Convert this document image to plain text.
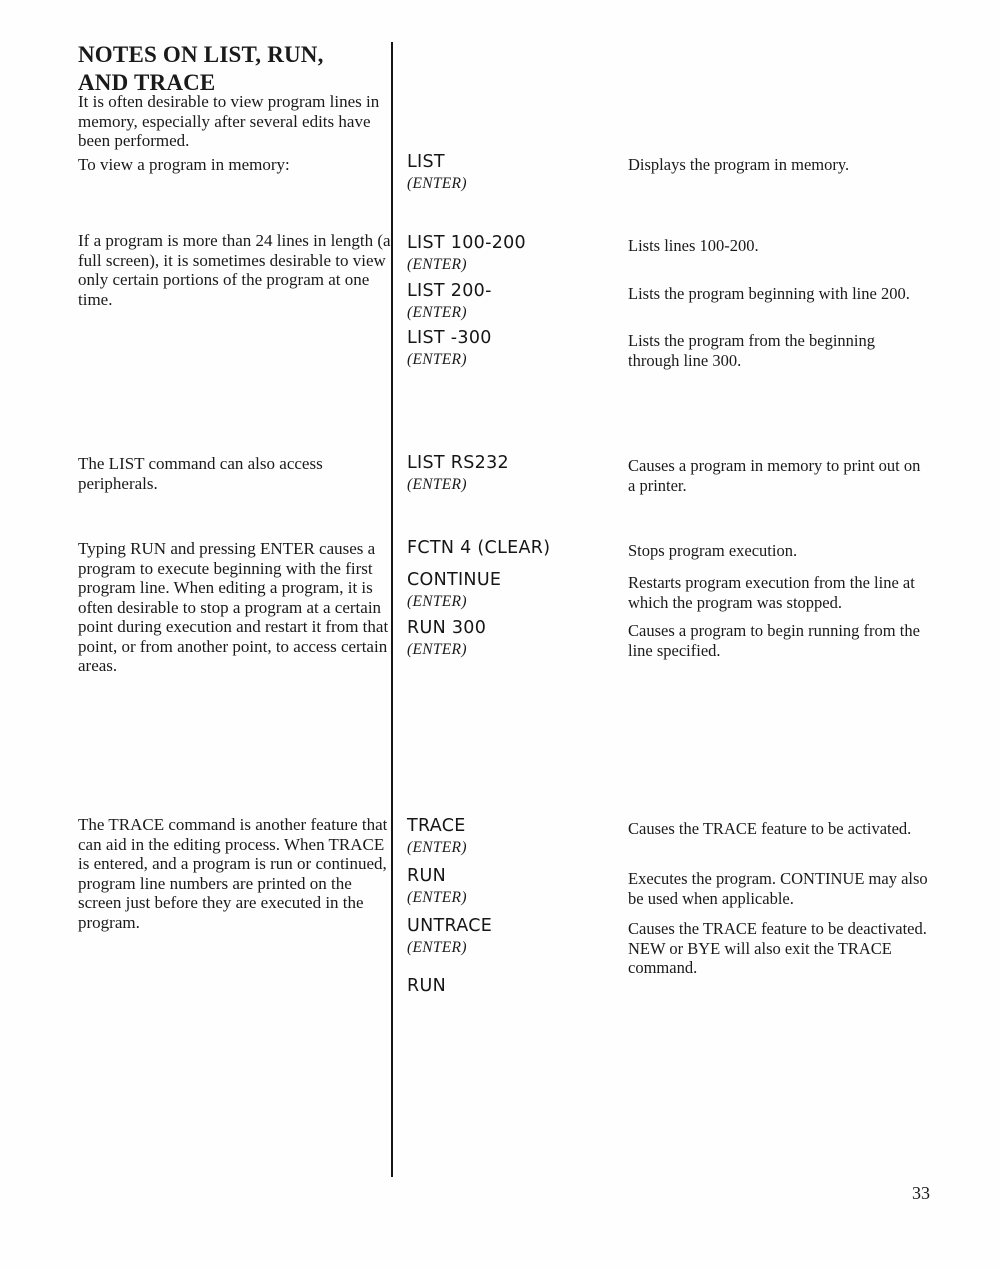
NOTES ON LIST, RUN,
AND TRACE
It is often desirable to view program lines in memory, especially after several edits have been performed.
To view a program in memory:
If a program is more than 24 lines in length (a full screen), it is sometimes desirable to view only certain portions of the program at one time.
The LIST command can also access peripherals.
Typing RUN and pressing ENTER causes a program to execute beginning with the first program line. When editing a program, it is often desirable to stop a program at a certain point during execution and restart it from that point, or from another point, to access certain areas.
The TRACE command is another feature that can aid in the editing process. When TRACE is entered, and a program is run or continued, program line numbers are printed on the screen just before they are executed in the program.
LIST
(ENTER)
Displays the program in memory.
LIST 100-200
(ENTER)
Lists lines 100-200.
LIST 200-
(ENTER)
Lists the program beginning with line 200.
LIST -300
(ENTER)
Lists the program from the beginning through line 300.
LIST RS232
(ENTER)
Causes a program in memory to print out on a printer.
FCTN 4 (CLEAR)	Stops program execution.
CONTINUE
(ENTER)
Restarts program execution from the line at which the program was stopped.
RUN 300
(ENTER)
Causes a program to begin running from the line specified.
TRACE
(ENTER)
Causes the TRACE feature to be activated.
RUN
(ENTER)
Executes the program. CONTINUE may also be used when applicable.
UNTRACE
(ENTER)
Causes the TRACE feature to be deactivated. NEW or BYE will also exit the TRACE command.
RUN
33
